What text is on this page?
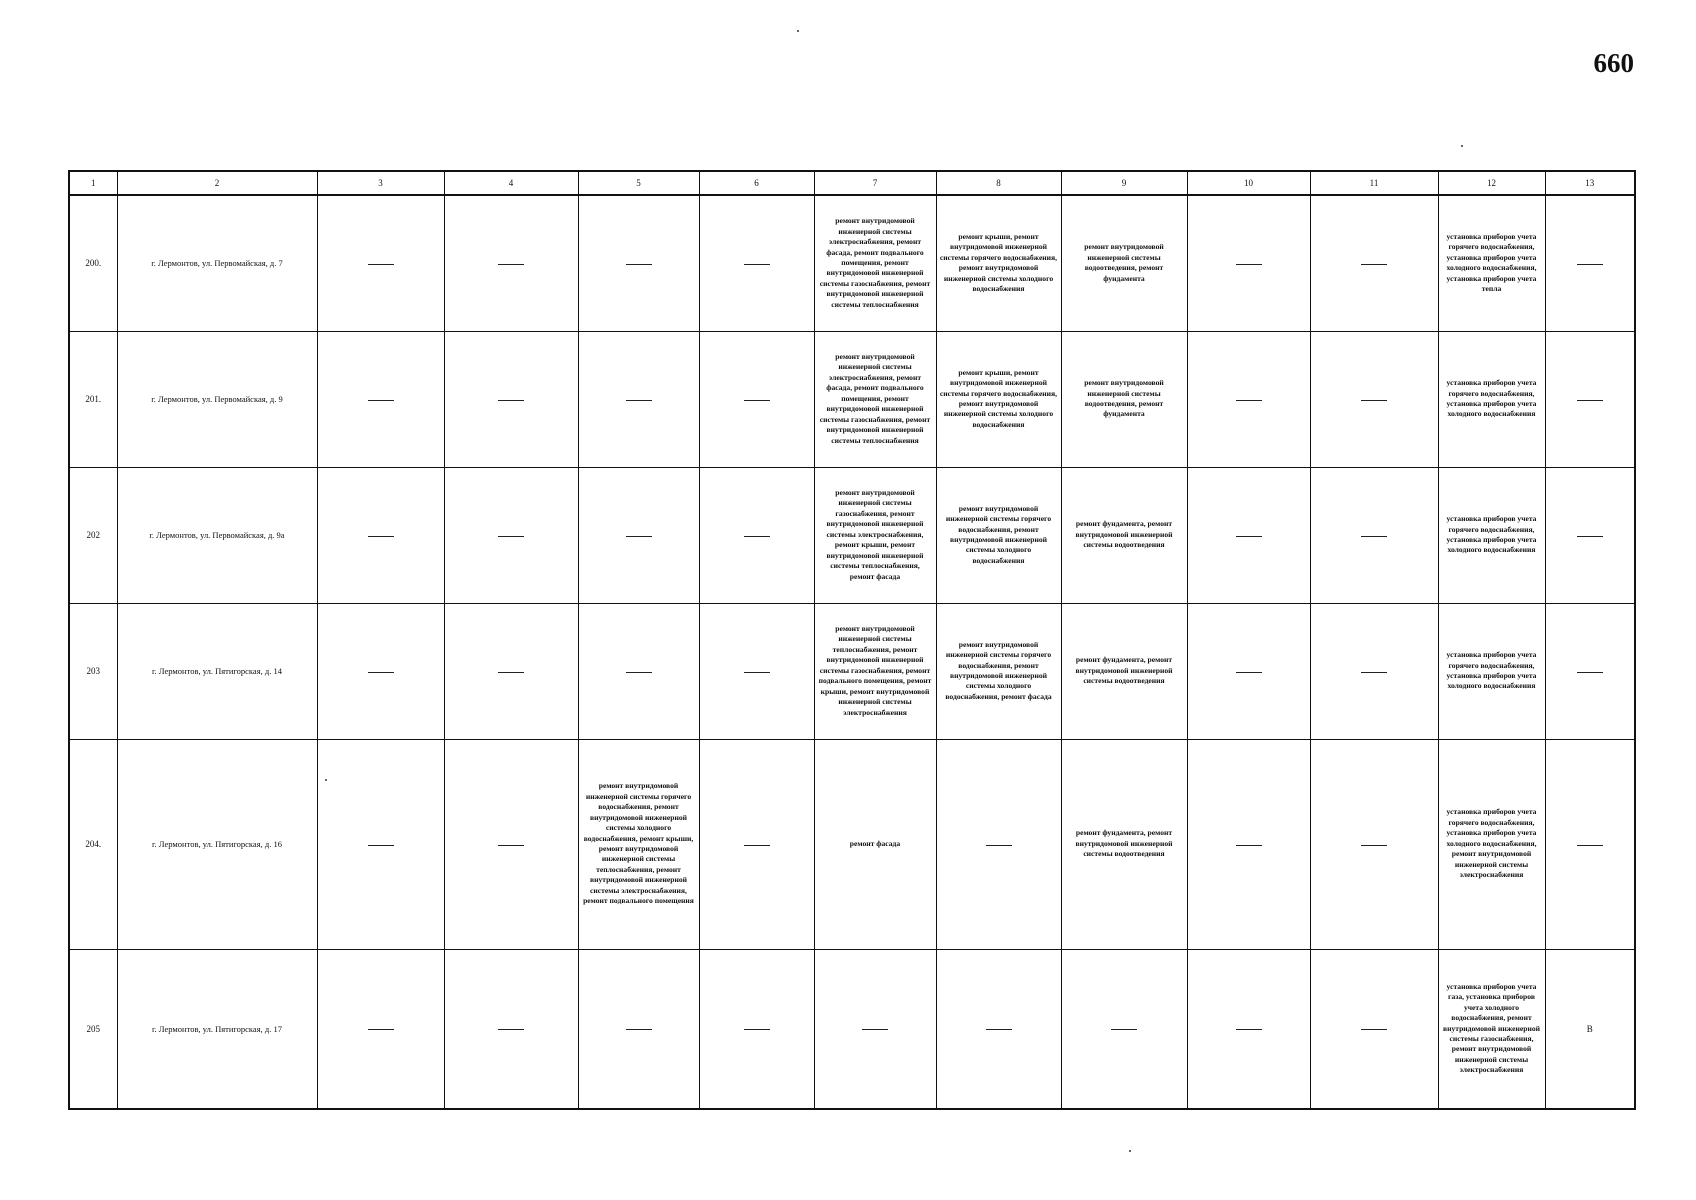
660
1	2	3	4	5	6	7	8	9	10	11	12	13
200.	г. Лермонтов, ул. Первомайская, д. 7					ремонт внутридомовой инженерной системы электроснабжения, ремонт фасада, ремонт подвального помещения, ремонт внутридомовой инженерной системы газоснабжения, ремонт внутридомовой инженерной системы теплоснабжения	ремонт крыши, ремонт внутридомовой инженерной системы горячего водоснабжения, ремонт внутридомовой инженерной системы холодного водоснабжения	ремонт внутридомовой инженерной системы водоотведения, ремонт фундамента			установка приборов учета горячего водоснабжения, установка приборов учета холодного водоснабжения, установка приборов учета тепла	
201.	г. Лермонтов, ул. Первомайская, д. 9					ремонт внутридомовой инженерной системы электроснабжения, ремонт фасада, ремонт подвального помещения, ремонт внутридомовой инженерной системы газоснабжения, ремонт внутридомовой инженерной системы теплоснабжения	ремонт крыши, ремонт внутридомовой инженерной системы горячего водоснабжения, ремонт внутридомовой инженерной системы холодного водоснабжения	ремонт внутридомовой инженерной системы водоотведения, ремонт фундамента			установка приборов учета горячего водоснабжения, установка приборов учета холодного водоснабжения	
202	г. Лермонтов, ул. Первомайская, д. 9а					ремонт внутридомовой инженерной системы газоснабжения, ремонт внутридомовой инженерной системы электроснабжения, ремонт крыши, ремонт внутридомовой инженерной системы теплоснабжения, ремонт фасада	ремонт внутридомовой инженерной системы горячего водоснабжения, ремонт внутридомовой инженерной системы холодного водоснабжения	ремонт фундамента, ремонт внутридомовой инженерной системы водоотведения			установка приборов учета горячего водоснабжения, установка приборов учета холодного водоснабжения	
203	г. Лермонтов, ул. Пятигорская, д. 14					ремонт внутридомовой инженерной системы теплоснабжения, ремонт внутридомовой инженерной системы газоснабжения, ремонт подвального помещения, ремонт крыши, ремонт внутридомовой инженерной системы электроснабжения	ремонт внутридомовой инженерной системы горячего водоснабжения, ремонт внутридомовой инженерной системы холодного водоснабжения, ремонт фасада	ремонт фундамента, ремонт внутридомовой инженерной системы водоотведения			установка приборов учета горячего водоснабжения, установка приборов учета холодного водоснабжения	
204.	г. Лермонтов, ул. Пятигорская, д. 16			ремонт внутридомовой инженерной системы горячего водоснабжения, ремонт внутридомовой инженерной системы холодного водоснабжения, ремонт крыши, ремонт внутридомовой инженерной системы теплоснабжения, ремонт внутридомовой инженерной системы электроснабжения, ремонт подвального помещения		ремонт фасада		ремонт фундамента, ремонт внутридомовой инженерной системы водоотведения			установка приборов учета горячего водоснабжения, установка приборов учета холодного водоснабжения, ремонт внутридомовой инженерной системы электроснабжения	
205	г. Лермонтов, ул. Пятигорская, д. 17										установка приборов учета газа, установка приборов учета холодного водоснабжения, ремонт внутридомовой инженерной системы газоснабжения, ремонт внутридомовой инженерной системы электроснабжения	В
